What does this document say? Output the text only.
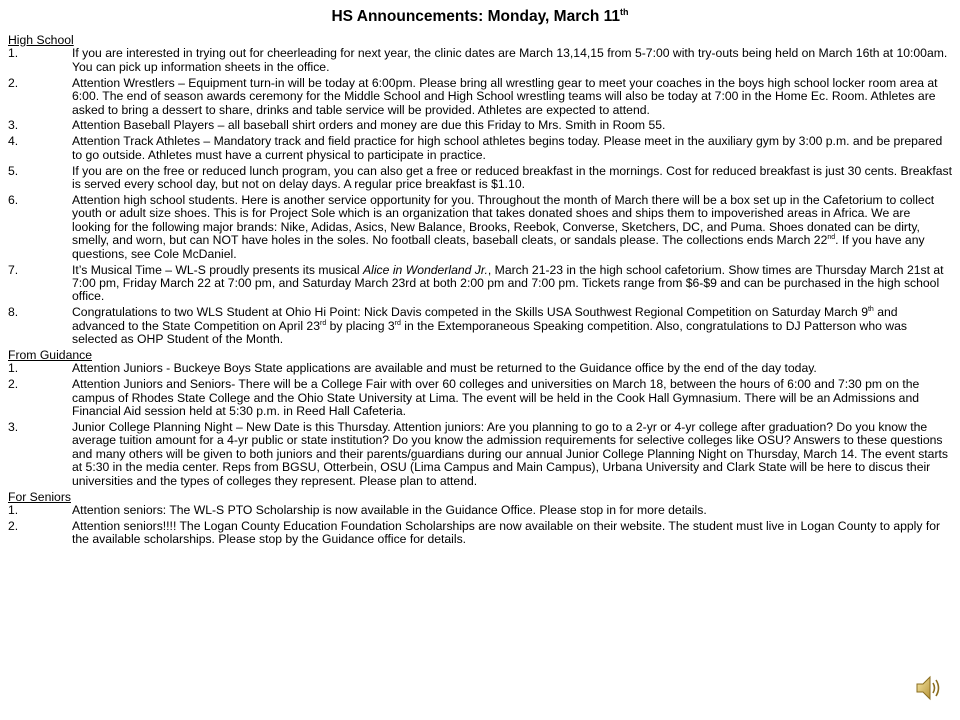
HS Announcements: Monday, March 11th
High School
1.	If you are interested in trying out for cheerleading for next year, the clinic dates are March 13,14,15 from 5-7:00 with try-outs being held on March 16th at 10:00am. You can pick up information sheets in the office.
2.	Attention Wrestlers – Equipment turn-in will be today at 6:00pm. Please bring all wrestling gear to meet your coaches in the boys high school locker room area at 6:00. The end of season awards ceremony for the Middle School and High School wrestling teams will also be today at 7:00 in the Home Ec. Room. Athletes are asked to bring a dessert to share, drinks and table service will be provided. Athletes are expected to attend.
3.	Attention Baseball Players – all baseball shirt orders and money are due this Friday to Mrs. Smith in Room 55.
4.	Attention Track Athletes – Mandatory track and field practice for high school athletes begins today. Please meet in the auxiliary gym by 3:00 p.m. and be prepared to go outside. Athletes must have a current physical to participate in practice.
5.	If you are on the free or reduced lunch program, you can also get a free or reduced breakfast in the mornings. Cost for reduced breakfast is just 30 cents. Breakfast is served every school day, but not on delay days. A regular price breakfast is $1.10.
6.	Attention high school students. Here is another service opportunity for you. Throughout the month of March there will be a box set up in the Cafetorium to collect youth or adult size shoes. This is for Project Sole which is an organization that takes donated shoes and ships them to impoverished areas in Africa. We are looking for the following major brands: Nike, Adidas, Asics, New Balance, Brooks, Reebok, Converse, Sketchers, DC, and Puma. Shoes donated can be dirty, smelly, and worn, but can NOT have holes in the soles. No football cleats, baseball cleats, or sandals please. The collections ends March 22nd. If you have any questions, see Cole McDaniel.
7.	It’s Musical Time – WL-S proudly presents its musical Alice in Wonderland Jr., March 21-23 in the high school cafetorium. Show times are Thursday March 21st at 7:00 pm, Friday March 22 at 7:00 pm, and Saturday March 23rd at both 2:00 pm and 7:00 pm. Tickets range from $6-$9 and can be purchased in the high school office.
8.	Congratulations to two WLS Student at Ohio Hi Point: Nick Davis competed in the Skills USA Southwest Regional Competition on Saturday March 9th and advanced to the State Competition on April 23rd by placing 3rd in the Extemporaneous Speaking competition. Also, congratulations to DJ Patterson who was selected as OHP Student of the Month.
From Guidance
1.	Attention Juniors - Buckeye Boys State applications are available and must be returned to the Guidance office by the end of the day today.
2.	Attention Juniors and Seniors- There will be a College Fair with over 60 colleges and universities on March 18, between the hours of 6:00 and 7:30 pm on the campus of Rhodes State College and the Ohio State University at Lima. The event will be held in the Cook Hall Gymnasium. There will be an Admissions and Financial Aid session held at 5:30 p.m. in Reed Hall Cafeteria.
3.	Junior College Planning Night – New Date is this Thursday. Attention juniors: Are you planning to go to a 2-yr or 4-yr college after graduation? Do you know the average tuition amount for a 4-yr public or state institution? Do you know the admission requirements for selective colleges like OSU? Answers to these questions and many others will be given to both juniors and their parents/guardians during our annual Junior College Planning Night on Thursday, March 14. The event starts at 5:30 in the media center. Reps from BGSU, Otterbein, OSU (Lima Campus and Main Campus), Urbana University and Clark State will be here to discus their universities and the types of colleges they represent. Please plan to attend.
For Seniors
1.	Attention seniors: The WL-S PTO Scholarship is now available in the Guidance Office. Please stop in for more details.
2.	Attention seniors!!!! The Logan County Education Foundation Scholarships are now available on their website. The student must live in Logan County to apply for the available scholarships. Please stop by the Guidance office for details.
